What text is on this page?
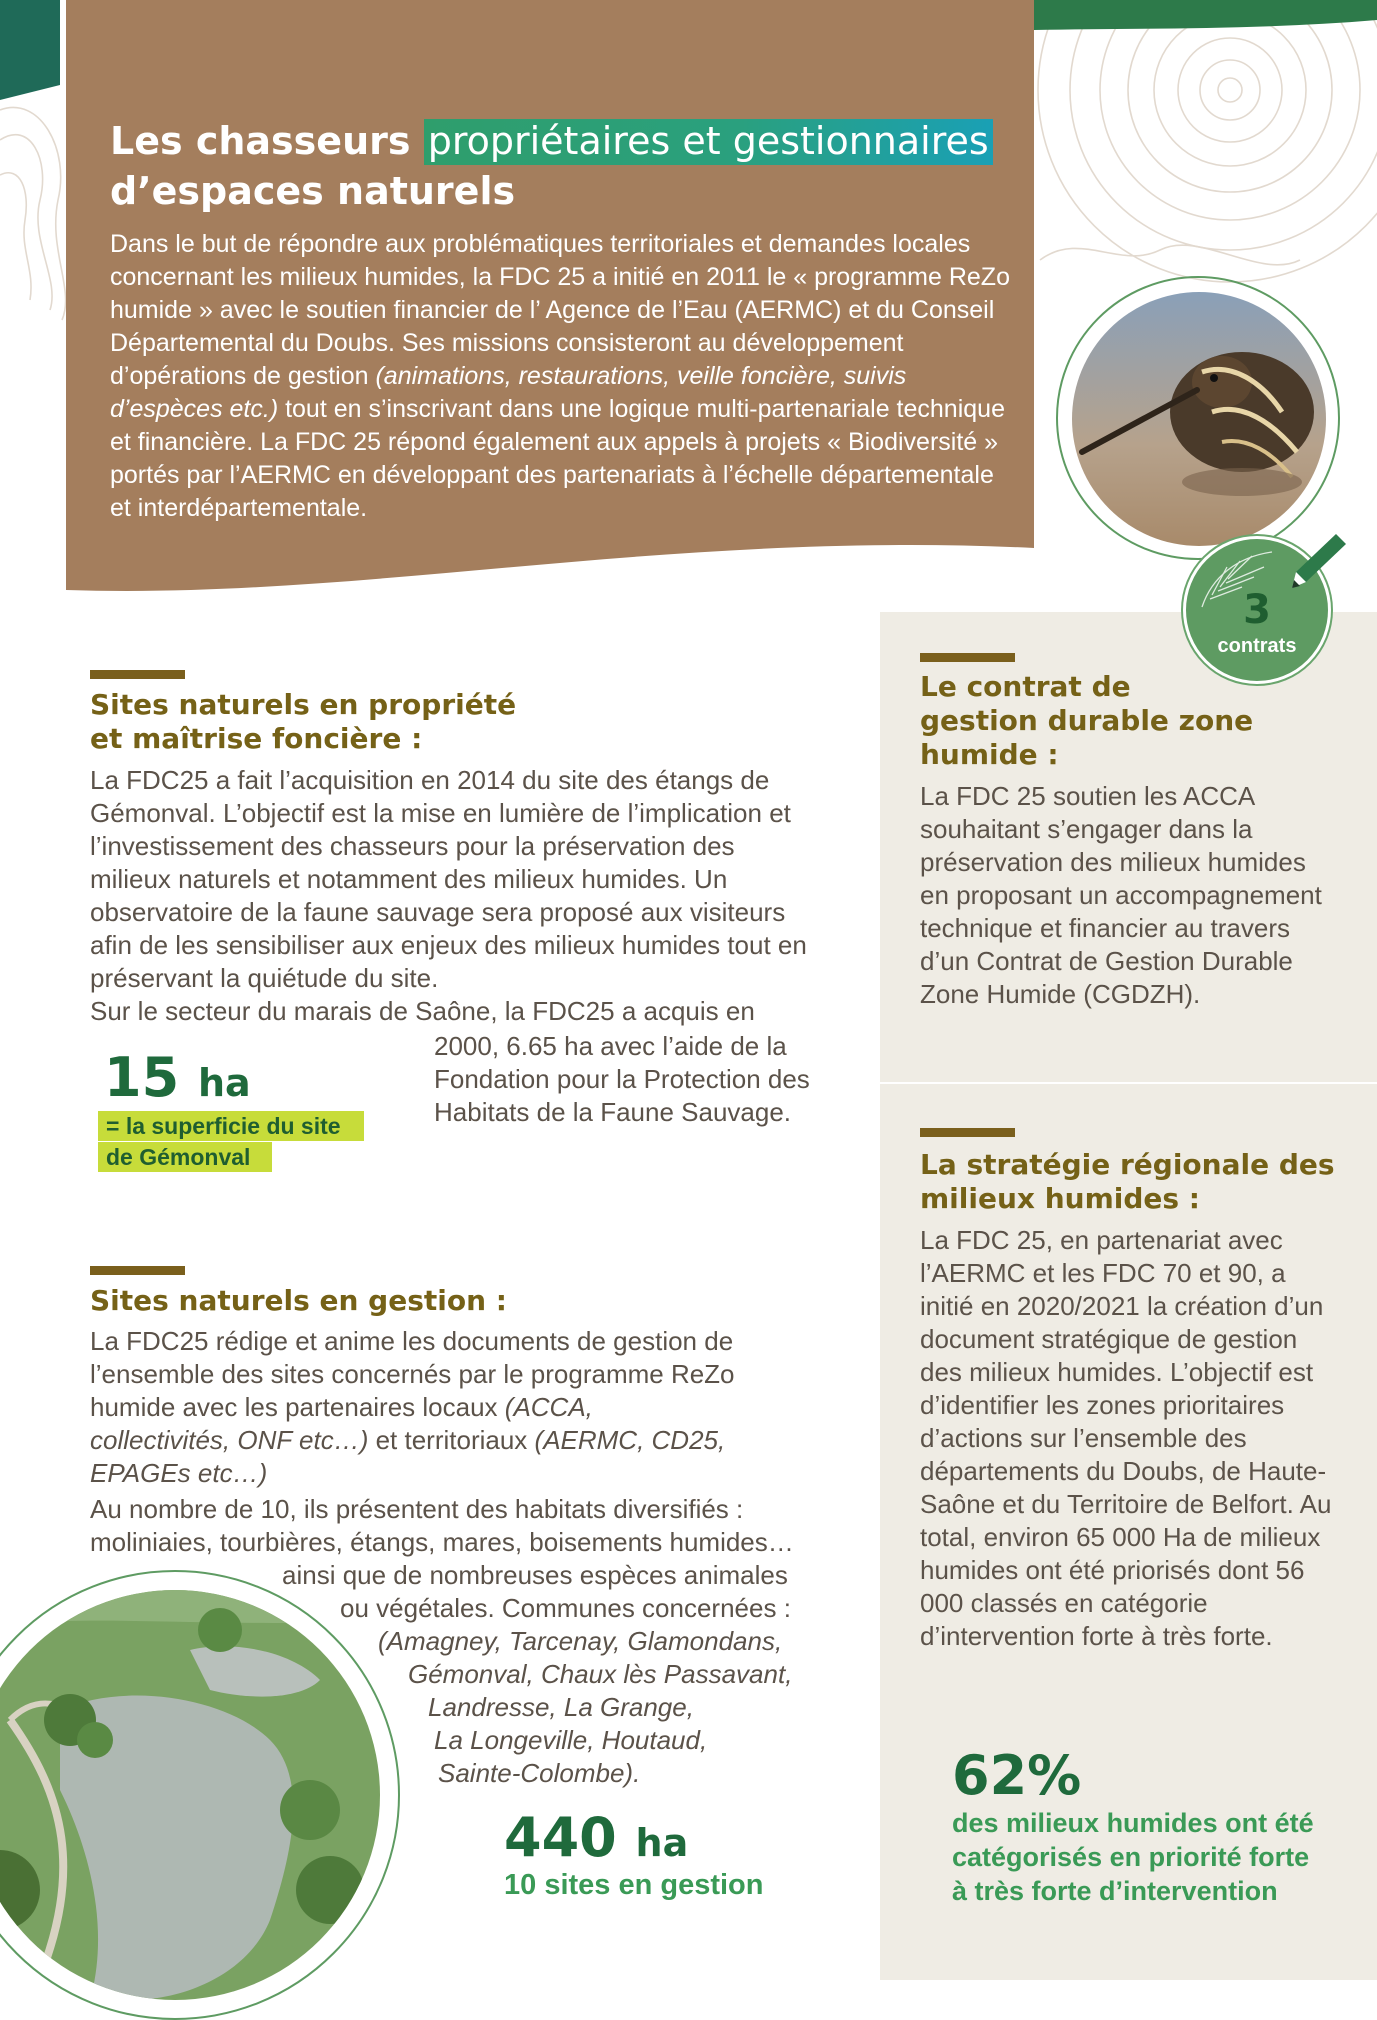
Les chasseurs propriétaires et gestionnaires
d’espaces naturels

Dans le but de répondre aux problématiques territoriales et demandes locales concernant les milieux humides, la FDC 25 a initié en 2011 le « programme ReZo humide » avec le soutien financier de l’ Agence de l’Eau (AERMC) et du Conseil Départemental du Doubs. Ses missions consisteront au développement d’opérations de gestion (animations, restaurations, veille foncière, suivis d’espèces etc.) tout en s’inscrivant dans une logique multi-partenariale technique et financière. La FDC 25 répond également aux appels à projets « Biodiversité » portés par l’AERMC en développant des partenariats à l’échelle départementale et interdépartementale.

3
contrats
Sites naturels en propriété
et maîtrise foncière :

La FDC25 a fait l’acquisition en 2014 du site des étangs de Gémonval. L’objectif est la mise en lumière de l’implication et l’investissement des chasseurs pour la préservation des milieux naturels et notamment des milieux humides. Un observatoire de la faune sauvage sera proposé aux visiteurs afin de les sensibiliser aux enjeux des milieux humides tout en préservant la quiétude du site.
Sur le secteur du marais de Saône, la FDC25 a acquis en

2000, 6.65 ha avec l’aide de la Fondation pour la Protection des Habitats de la Faune Sauvage.

15 ha

= la superficie du site
de Gémonval
Sites naturels en gestion :

La FDC25 rédige et anime les documents de gestion de l’ensemble des sites concernés par le programme ReZo humide avec les partenaires locaux (ACCA, collectivités, ONF etc…) et territoriaux (AERMC, CD25, EPAGEs etc…)

Au nombre de 10, ils présentent des habitats diversifiés :

moliniaies, tourbières, étangs, mares, boisements humides…

ainsi que de nombreuses espèces animales

ou végétales. Communes concernées :

(Amagney, Tarcenay, Glamondans,

Gémonval, Chaux lès Passavant,

Landresse, La Grange,

La Longeville, Houtaud,

Sainte-Colombe).

440 ha

10 sites en gestion

Le contrat de
gestion durable zone
humide :

La FDC 25 soutien les ACCA souhaitant s’engager dans la préservation des milieux humides en proposant un accompagnement technique et financier au travers d’un Contrat de Gestion Durable Zone Humide (CGDZH).

La stratégie régionale des
milieux humides :

La FDC 25, en partenariat avec l’AERMC et les FDC 70 et 90, a initié en 2020/2021 la création d’un document stratégique de gestion des milieux humides. L’objectif est d’identifier les zones prioritaires d’actions sur l’ensemble des départements du Doubs, de Haute-Saône et du Territoire de Belfort. Au total, environ 65 000 Ha de milieux humides ont été priorisés dont 56 000 classés en catégorie d’intervention forte à très forte.

62%

des milieux humides ont été
catégorisés en priorité forte
à très forte d’intervention
